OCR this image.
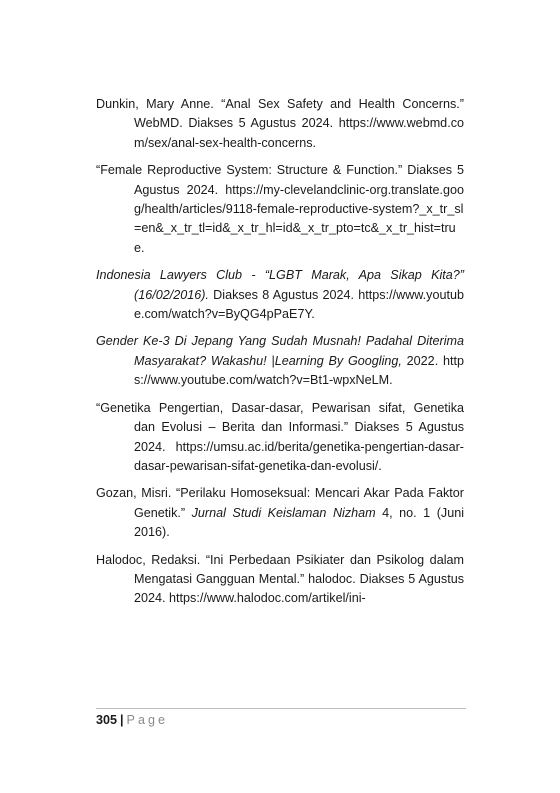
Dunkin, Mary Anne. “Anal Sex Safety and Health Concerns.” WebMD. Diakses 5 Agustus 2024. https://www.webmd.com/sex/anal-sex-health-concerns.

“Female Reproductive System: Structure & Function.” Diakses 5 Agustus 2024. https://my-clevelandclinic-org.translate.goog/health/articles/9118-female-reproductive-system?_x_tr_sl=en&_x_tr_tl=id&_x_tr_hl=id&_x_tr_pto=tc&_x_tr_hist=true.

Indonesia Lawyers Club - “LGBT Marak, Apa Sikap Kita?” (16/02/2016). Diakses 8 Agustus 2024. https://www.youtube.com/watch?v=ByQG4pPaE7Y.

Gender Ke-3 Di Jepang Yang Sudah Musnah! Padahal Diterima Masyarakat? Wakashu! |Learning By Googling, 2022. https://www.youtube.com/watch?v=Bt1-wpxNeLM.

“Genetika Pengertian, Dasar-dasar, Pewarisan sifat, Genetika dan Evolusi – Berita dan Informasi.” Diakses 5 Agustus 2024. https://umsu.ac.id/berita/genetika-pengertian-dasar-dasar-pewarisan-sifat-genetika-dan-evolusi/.

Gozan, Misri. “Perilaku Homoseksual: Mencari Akar Pada Faktor Genetik.” Jurnal Studi Keislaman Nizham 4, no. 1 (Juni 2016).

Halodoc, Redaksi. “Ini Perbedaan Psikiater dan Psikolog dalam Mengatasi Gangguan Mental.” halodoc. Diakses 5 Agustus 2024. https://www.halodoc.com/artikel/ini-

305 | Page
